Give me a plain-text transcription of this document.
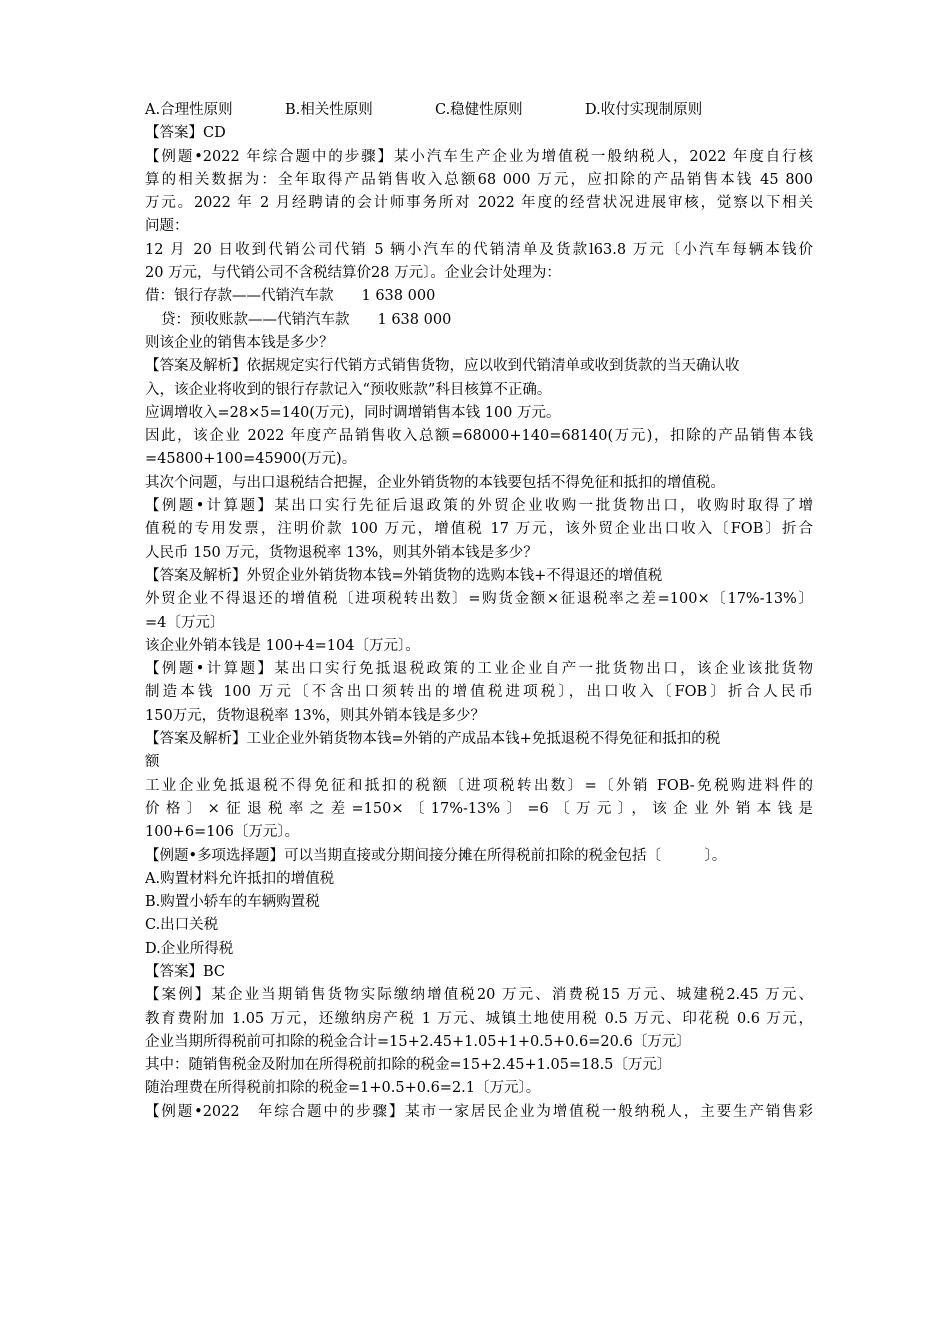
A.合理性原则	B.相关性原则	C.稳健性原则	D.收付实现制原则
【答案】CD
【例题•2022 年综合题中的步骤】某小汽车生产企业为增值税一般纳税人，2022 年度自行核
算的相关数据为：全年取得产品销售收入总额68 000 万元，应扣除的产品销售本钱 45 800
万元。2022 年 2 月经聘请的会计师事务所对 2022 年度的经营状况进展审核，觉察以下相关
问题：
12 月 20 日收到代销公司代销 5 辆小汽车的代销清单及货款l63.8 万元〔小汽车每辆本钱价
20 万元，与代销公司不含税结算价28 万元〕。企业会计处理为：
借：银行存款——代销汽车款 1 638 000
贷：预收账款——代销汽车款 1 638 000
则该企业的销售本钱是多少？
【答案及解析】依据规定实行代销方式销售货物，应以收到代销清单或收到货款的当天确认收
入，该企业将收到的银行存款记入“预收账款”科目核算不正确。
应调增收入=28×5=140(万元)，同时调增销售本钱 100 万元。
因此，该企业 2022 年度产品销售收入总额=68000+140=68140(万元)，扣除的产品销售本钱
=45800+100=45900(万元)。
其次个问题，与出口退税结合把握，企业外销货物的本钱要包括不得免征和抵扣的增值税。
【例题•计算题】某出口实行先征后退政策的外贸企业收购一批货物出口，收购时取得了增
值税的专用发票，注明价款 100 万元，增值税 17 万元，该外贸企业出口收入〔FOB〕折合
人民币 150 万元，货物退税率 13%，则其外销本钱是多少？
【答案及解析】外贸企业外销货物本钱=外销货物的选购本钱+不得退还的增值税
外贸企业不得退还的增值税〔进项税转出数〕=购货金额×征退税率之差=100×〔17%-13%〕
=4〔万元〕
该企业外销本钱是 100+4=104〔万元〕。
【例题•计算题】某出口实行免抵退税政策的工业企业自产一批货物出口，该企业该批货物
制造本钱 100 万元〔不含出口须转出的增值税进项税〕，出口收入〔FOB〕折合人民币
150万元，货物退税率 13%，则其外销本钱是多少？
【答案及解析】工业企业外销货物本钱=外销的产成品本钱+免抵退税不得免征和抵扣的税
额
工业企业免抵退税不得免征和抵扣的税额〔进项税转出数〕=〔外销 FOB-免税购进料件的
价格〕×征退税率之差=150×〔17%-13%〕=6〔万元〕，该企业外销本钱是
100+6=106〔万元〕。
【例题•多项选择题】可以当期直接或分期间接分摊在所得税前扣除的税金包括〔　　　〕。
A.购置材料允许抵扣的增值税
B.购置小轿车的车辆购置税
C.出口关税
D.企业所得税
【答案】BC
【案例】某企业当期销售货物实际缴纳增值税20 万元、消费税15 万元、城建税2.45 万元、
教育费附加 1.05 万元，还缴纳房产税 1 万元、城镇土地使用税 0.5 万元、印花税 0.6 万元，
企业当期所得税前可扣除的税金合计=15+2.45+1.05+1+0.5+0.6=20.6〔万元〕
其中：随销售税金及附加在所得税前扣除的税金=15+2.45+1.05=18.5〔万元〕
随治理费在所得税前扣除的税金=1+0.5+0.6=2.1〔万元〕。
【例题•2022　年综合题中的步骤】某市一家居民企业为增值税一般纳税人，主要生产销售彩
